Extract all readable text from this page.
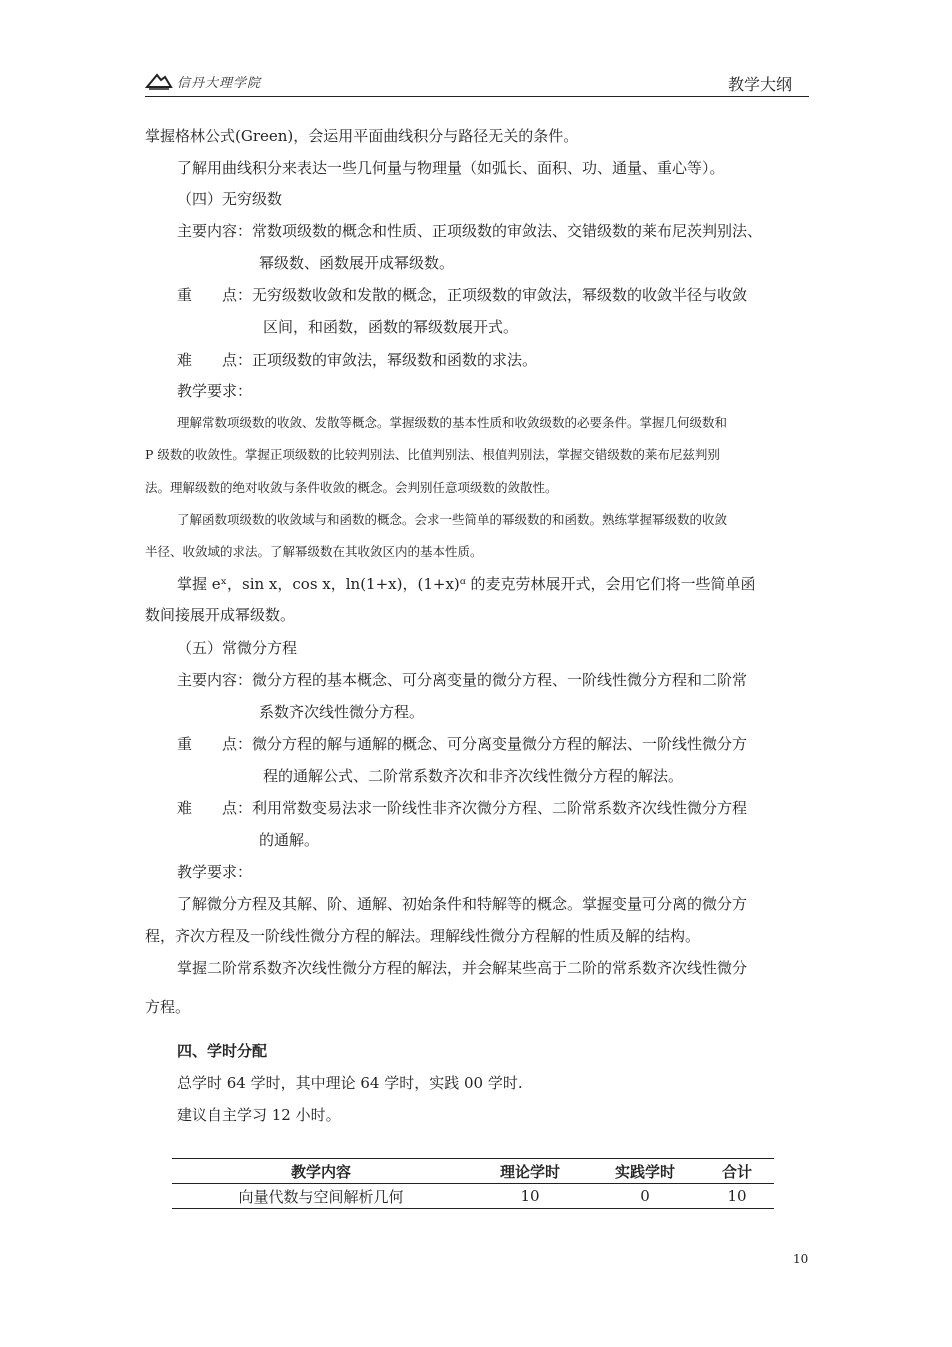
信丹大理学院	教学大纲
掌握格林公式(Green)，会运用平面曲线积分与路径无关的条件。
了解用曲线积分来表达一些几何量与物理量（如弧长、面积、功、通量、重心等）。
（四）无穷级数
主要内容：常数项级数的概念和性质、正项级数的审敛法、交错级数的莱布尼茨判别法、
幂级数、函数展开成幂级数。
重　　点：无穷级数收敛和发散的概念，正项级数的审敛法，幂级数的收敛半径与收敛
区间，和函数，函数的幂级数展开式。
难　　点：正项级数的审敛法，幂级数和函数的求法。
教学要求：
理解常数项级数的收敛、发散等概念。掌握级数的基本性质和收敛级数的必要条件。掌握几何级数和
P 级数的收敛性。掌握正项级数的比较判别法、比值判别法、根值判别法，掌握交错级数的莱布尼兹判别
法。理解级数的绝对收敛与条件收敛的概念。会判别任意项级数的敛散性。
了解函数项级数的收敛域与和函数的概念。会求一些简单的幂级数的和函数。熟练掌握幂级数的收敛
半径、收敛域的求法。了解幂级数在其收敛区内的基本性质。
掌握 eˣ，sin x，cos x，ln(1+x)，(1+x)ᵅ 的麦克劳林展开式，会用它们将一些简单函
数间接展开成幂级数。
（五）常微分方程
主要内容：微分方程的基本概念、可分离变量的微分方程、一阶线性微分方程和二阶常
系数齐次线性微分方程。
重　　点：微分方程的解与通解的概念、可分离变量微分方程的解法、一阶线性微分方
程的通解公式、二阶常系数齐次和非齐次线性微分方程的解法。
难　　点：利用常数变易法求一阶线性非齐次微分方程、二阶常系数齐次线性微分方程
的通解。
教学要求：
了解微分方程及其解、阶、通解、初始条件和特解等的概念。掌握变量可分离的微分方
程，齐次方程及一阶线性微分方程的解法。理解线性微分方程解的性质及解的结构。
掌握二阶常系数齐次线性微分方程的解法，并会解某些高于二阶的常系数齐次线性微分
方程。
四、学时分配
总学时 64 学时，其中理论 64 学时，实践 00 学时.
建议自主学习 12 小时。
教学内容	理论学时	实践学时	合计
向量代数与空间解析几何	10	0	10
10
